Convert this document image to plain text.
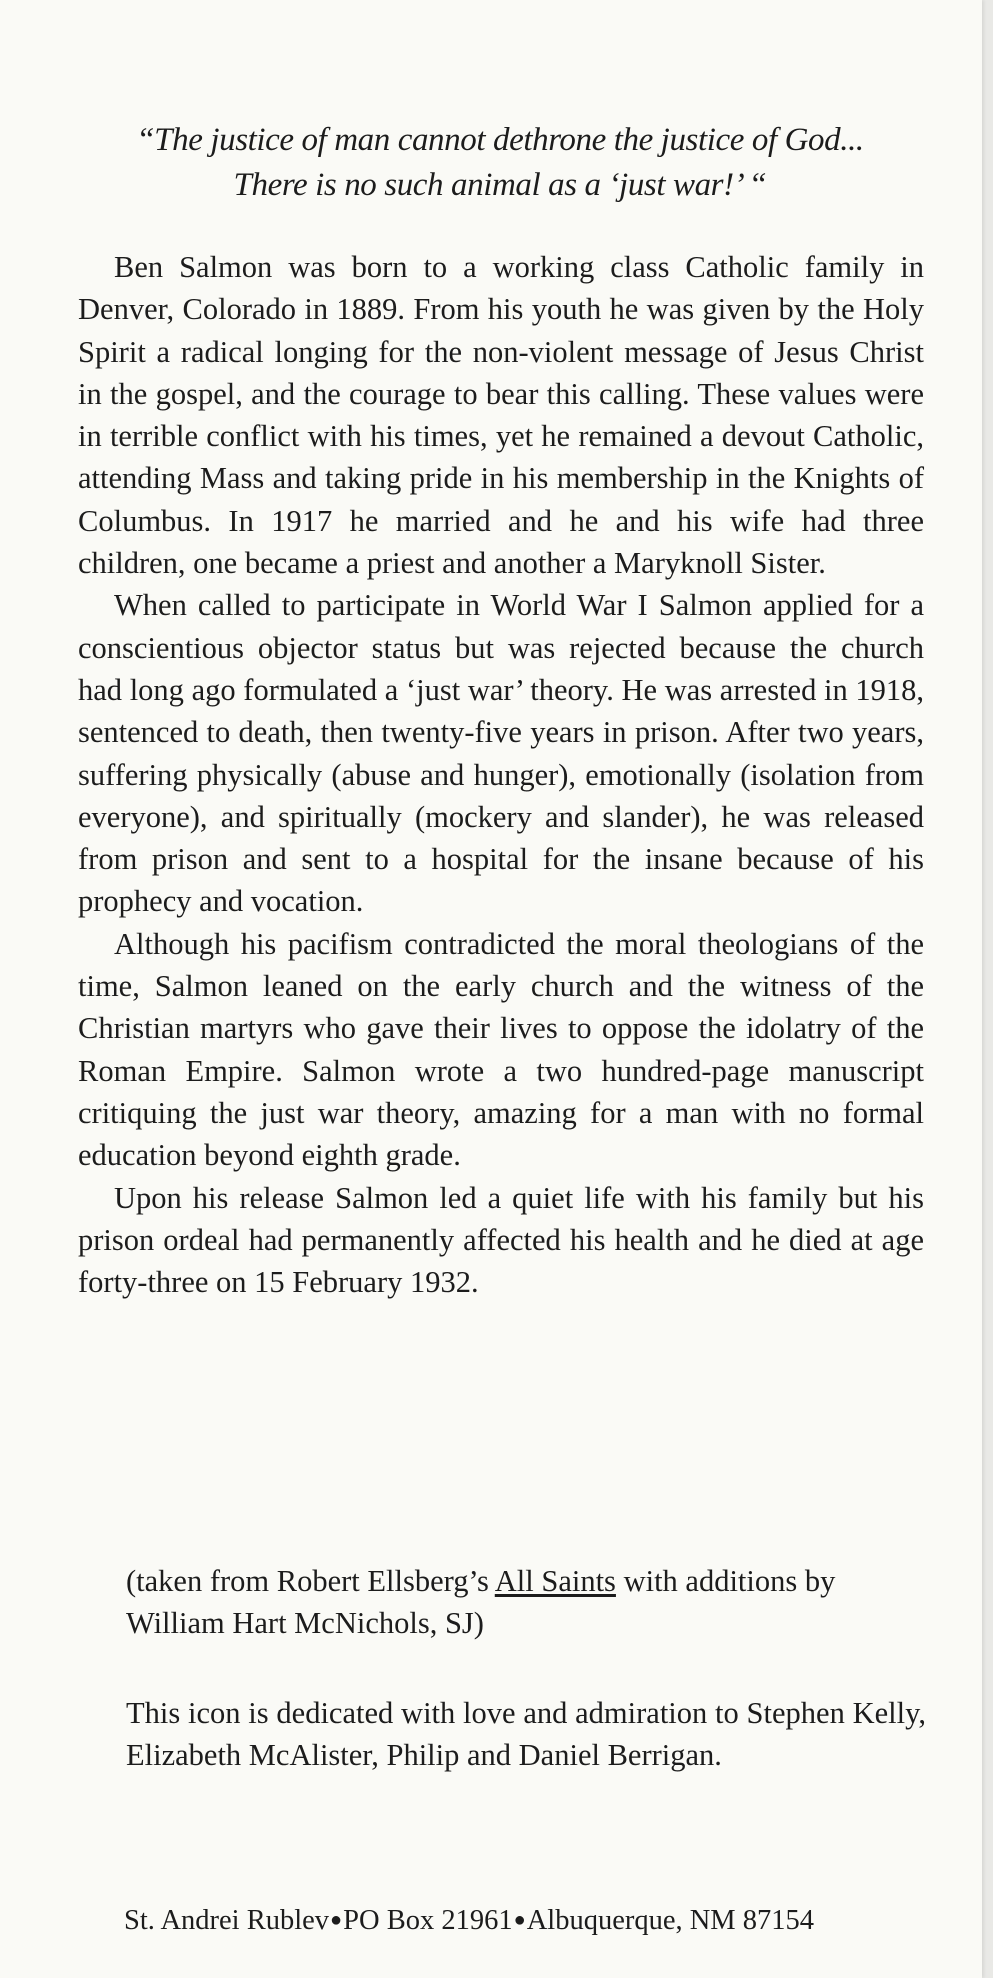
“The justice of man cannot dethrone the justice of God...
There is no such animal as a ‘just war!’ “

Ben Salmon was born to a working class Catholic family in Denver, Colorado in 1889. From his youth he was given by the Holy Spirit a radical longing for the non-violent message of Jesus Christ in the gospel, and the courage to bear this calling. These values were in terrible conflict with his times, yet he remained a devout Catholic, attending Mass and taking pride in his membership in the Knights of Columbus. In 1917 he married and he and his wife had three children, one became a priest and another a Maryknoll Sister.

When called to participate in World War I Salmon applied for a conscientious objector status but was rejected because the church had long ago formulated a ‘just war’ theory. He was arrested in 1918, sentenced to death, then twenty-five years in prison. After two years, suffering physically (abuse and hunger), emotionally (isolation from everyone), and spiritually (mockery and slander), he was released from prison and sent to a hospital for the insane because of his prophecy and vocation.

Although his pacifism contradicted the moral theologians of the time, Salmon leaned on the early church and the witness of the Christian martyrs who gave their lives to oppose the idolatry of the Roman Empire. Salmon wrote a two hundred-page manuscript critiquing the just war theory, amazing for a man with no formal education beyond eighth grade.

Upon his release Salmon led a quiet life with his family but his prison ordeal had permanently affected his health and he died at age forty-three on 15 February 1932.

(taken from Robert Ellsberg’s All Saints with additions by William Hart McNichols, SJ)
This icon is dedicated with love and admiration to Stephen Kelly, Elizabeth McAlister, Philip and Daniel Berrigan.
St. Andrei Rublev●PO Box 21961●Albuquerque, NM 87154
